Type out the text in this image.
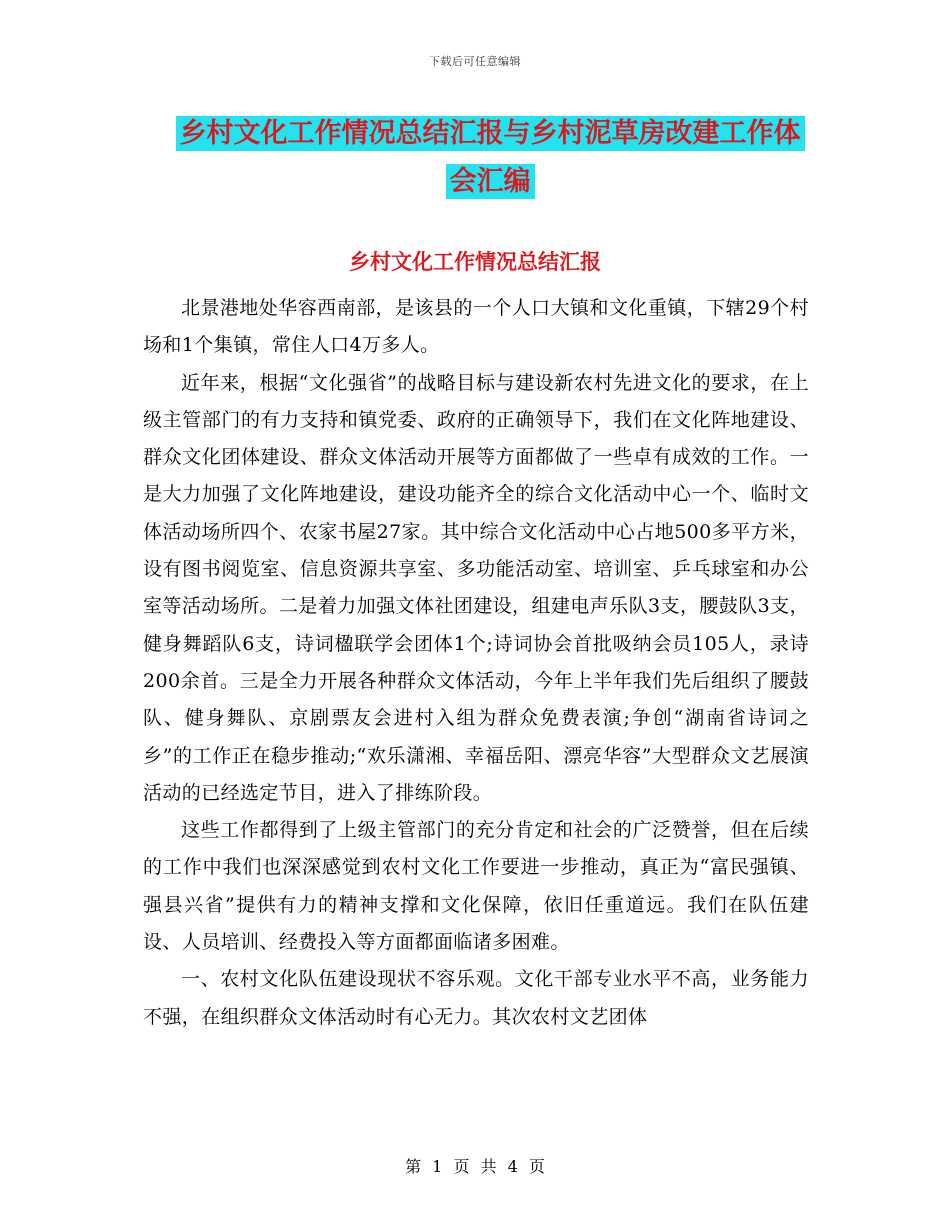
下载后可任意编辑
乡村文化工作情况总结汇报与乡村泥草房改建工作体
会汇编
乡村文化工作情况总结汇报

北景港地处华容西南部，是该县的一个人口大镇和文化重镇，下辖29个村场和1个集镇，常住人口4万多人。

近年来，根据“文化强省”的战略目标与建设新农村先进文化的要求，在上级主管部门的有力支持和镇党委、政府的正确领导下，我们在文化阵地建设、群众文化团体建设、群众文体活动开展等方面都做了一些卓有成效的工作。一是大力加强了文化阵地建设，建设功能齐全的综合文化活动中心一个、临时文体活动场所四个、农家书屋27家。其中综合文化活动中心占地500多平方米，设有图书阅览室、信息资源共享室、多功能活动室、培训室、乒乓球室和办公室等活动场所。二是着力加强文体社团建设，组建电声乐队3支，腰鼓队3支，健身舞蹈队6支，诗词楹联学会团体1个;诗词协会首批吸纳会员105人，录诗200余首。三是全力开展各种群众文体活动，今年上半年我们先后组织了腰鼓队、健身舞队、京剧票友会进村入组为群众免费表演;争创“湖南省诗词之乡”的工作正在稳步推动;“欢乐潇湘、幸福岳阳、漂亮华容”大型群众文艺展演活动的已经选定节目，进入了排练阶段。

这些工作都得到了上级主管部门的充分肯定和社会的广泛赞誉，但在后续的工作中我们也深深感觉到农村文化工作要进一步推动，真正为“富民强镇、强县兴省”提供有力的精神支撑和文化保障，依旧任重道远。我们在队伍建设、人员培训、经费投入等方面都面临诸多困难。

一、农村文化队伍建设现状不容乐观。文化干部专业水平不高，业务能力不强，在组织群众文体活动时有心无力。其次农村文艺团体

第 1 页 共 4 页
